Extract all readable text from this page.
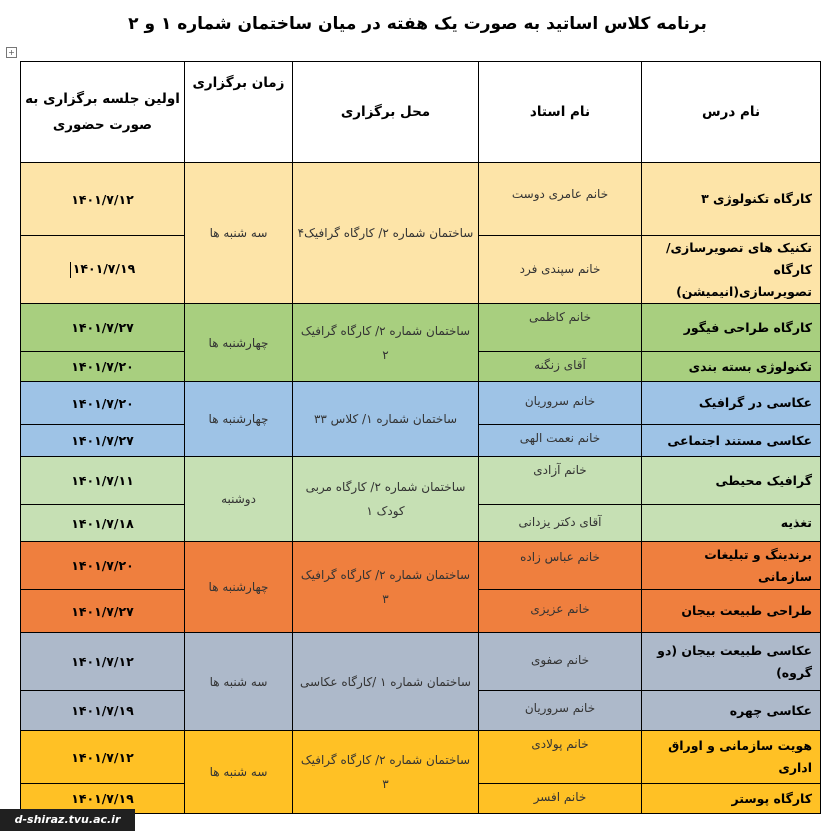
برنامه کلاس اساتید به صورت یک هفته در میان ساختمان شماره ۱ و ۲
+
نام درس	نام استاد	محل برگزاری	زمان برگزاری	اولین جلسه برگزاری به صورت حضوری
کارگاه تکنولوژی ۳	خانم عامری دوست	ساختمان شماره ۲/ کارگاه گرافیک۴	سه شنبه ها	۱۴۰۱/۷/۱۲
تکنیک های تصویرسازی/کارگاه تصویرسازی(انیمیشن)	خانم سپندی فرد			۱۴۰۱/۷/۱۹
کارگاه طراحی فیگور	خانم کاظمی	ساختمان شماره ۲/ کارگاه گرافیک ۲	چهارشنبه ها	۱۴۰۱/۷/۲۷
تکنولوژی بسته بندی	آقای زنگنه			۱۴۰۱/۷/۲۰
عکاسی در گرافیک	خانم سروریان	ساختمان شماره ۱/ کلاس ۳۳	چهارشنبه ها	۱۴۰۱/۷/۲۰
عکاسی مستند اجتماعی	خانم نعمت الهی			۱۴۰۱/۷/۲۷
گرافیک محیطی	خانم آزادی	ساختمان شماره ۲/ کارگاه مربی کودک ۱	دوشنبه	۱۴۰۱/۷/۱۱
تغذیه	آقای دکتر یزدانی			۱۴۰۱/۷/۱۸
برندینگ و تبلیغات سازمانی	خانم عباس زاده	ساختمان شماره ۲/ کارگاه گرافیک ۳	چهارشنبه ها	۱۴۰۱/۷/۲۰
طراحی طبیعت بیجان	خانم عزیزی			۱۴۰۱/۷/۲۷
عکاسی طبیعت بیجان (دو گروه)	خانم صفوی	ساختمان شماره ۱ /کارگاه عکاسی	سه شنبه ها	۱۴۰۱/۷/۱۲
عکاسی چهره	خانم سروریان			۱۴۰۱/۷/۱۹
هویت سازمانی و اوراق اداری	خانم پولادی	ساختمان شماره ۲/ کارگاه گرافیک ۳	سه شنبه ها	۱۴۰۱/۷/۱۲
کارگاه پوستر	خانم افسر			۱۴۰۱/۷/۱۹
d-shiraz.tvu.ac.ir
